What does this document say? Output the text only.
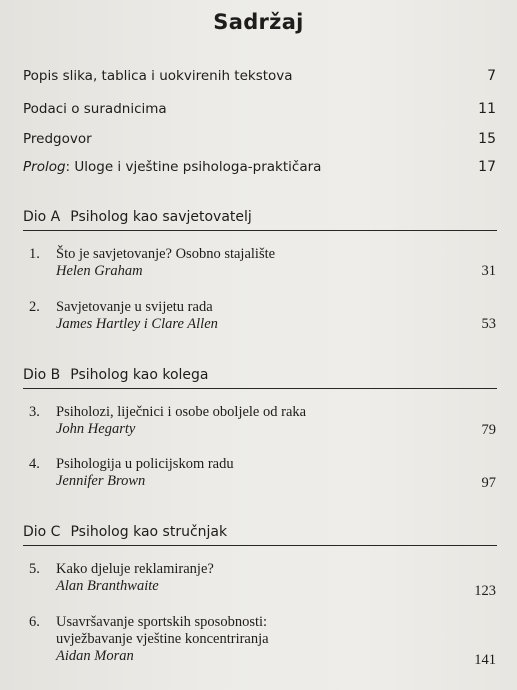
Sadržaj
Popis slika, tablica i uokvirenih tekstova	7
Podaci o suradnicima	11
Predgovor	15
Prolog: Uloge i vještine psihologa-praktičara	17
Dio A Psiholog kao savjetovatelj
1. Što je savjetovanje? Osobno stajalište
Helen Graham	31
2. Savjetovanje u svijetu rada
James Hartley i Clare Allen	53
Dio B Psiholog kao kolega
3. Psiholozi, liječnici i osobe oboljele od raka
John Hegarty	79
4. Psihologija u policijskom radu
Jennifer Brown	97
Dio C Psiholog kao stručnjak
5. Kako djeluje reklamiranje?
Alan Branthwaite	123
6. Usavršavanje sportskih sposobnosti:
uvježbavanje vještine koncentriranja
Aidan Moran	141
